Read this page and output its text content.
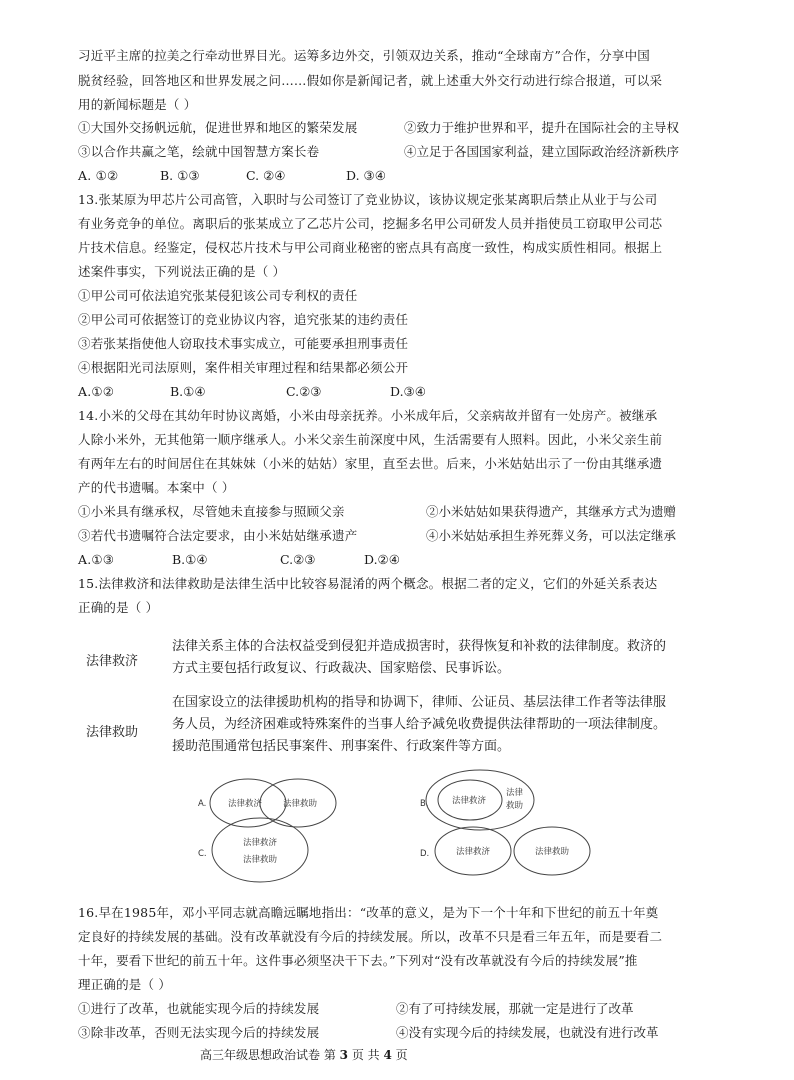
习近平主席的拉美之行牵动世界目光。运筹多边外交，引领双边关系，推动“全球南方”合作，分享中国
脱贫经验，回答地区和世界发展之问……假如你是新闻记者，就上述重大外交行动进行综合报道，可以采
用的新闻标题是（ ）
①大国外交扬帆远航，促进世界和地区的繁荣发展	②致力于维护世界和平，提升在国际社会的主导权
③以合作共赢之笔，绘就中国智慧方案长卷	④立足于各国国家利益，建立国际政治经济新秩序
A. ①②	B. ①③	C. ②④	D. ③④
13.张某原为甲芯片公司高管，入职时与公司签订了竞业协议，该协议规定张某离职后禁止从业于与公司
有业务竞争的单位。离职后的张某成立了乙芯片公司，挖掘多名甲公司研发人员并指使员工窃取甲公司芯
片技术信息。经鉴定，侵权芯片技术与甲公司商业秘密的密点具有高度一致性，构成实质性相同。根据上
述案件事实，下列说法正确的是（ ）
①甲公司可依法追究张某侵犯该公司专利权的责任
②甲公司可依据签订的竞业协议内容，追究张某的违约责任
③若张某指使他人窃取技术事实成立，可能要承担刑事责任
④根据阳光司法原则，案件相关审理过程和结果都必须公开
A.①②	B.①④	C.②③	D.③④
14.小米的父母在其幼年时协议离婚，小米由母亲抚养。小米成年后，父亲病故并留有一处房产。被继承
人除小米外，无其他第一顺序继承人。小米父亲生前深度中风，生活需要有人照料。因此，小米父亲生前
有两年左右的时间居住在其妹妹（小米的姑姑）家里，直至去世。后来，小米姑姑出示了一份由其继承遗
产的代书遗嘱。本案中（ ）
①小米具有继承权，尽管她未直接参与照顾父亲	②小米姑姑如果获得遗产，其继承方式为遗赠
③若代书遗嘱符合法定要求，由小米姑姑继承遗产	④小米姑姑承担生养死葬义务，可以法定继承
A.①③	B.①④	C.②③	D.②④
15.法律救济和法律救助是法律生活中比较容易混淆的两个概念。根据二者的定义，它们的外延关系表达
正确的是（ ）
法律救济
法律关系主体的合法权益受到侵犯并造成损害时，获得恢复和补救的法律制度。救济的
方式主要包括行政复议、行政裁决、国家赔偿、民事诉讼。
法律救助
在国家设立的法律援助机构的指导和协调下，律师、公证员、基层法律工作者等法律服
务人员，为经济困难或特殊案件的当事人给予减免收费提供法律帮助的一项法律制度。
援助范围通常包括民事案件、刑事案件、行政案件等方面。
A.	法律救济 法律救助	B.	法律救济
法律
救助
C.
法律救济
法律救助
D.	法律救济	法律救助
16.早在1985年，邓小平同志就高瞻远瞩地指出：“改革的意义，是为下一个十年和下世纪的前五十年奠
定良好的持续发展的基础。没有改革就没有今后的持续发展。所以，改革不只是看三年五年，而是要看二
十年，要看下世纪的前五十年。这件事必须坚决干下去。”下列对“没有改革就没有今后的持续发展”推
理正确的是（ ）
①进行了改革，也就能实现今后的持续发展	②有了可持续发展，那就一定是进行了改革
③除非改革，否则无法实现今后的持续发展	④没有实现今后的持续发展，也就没有进行改革
高三年级思想政治试卷 第 3 页 共 4 页
